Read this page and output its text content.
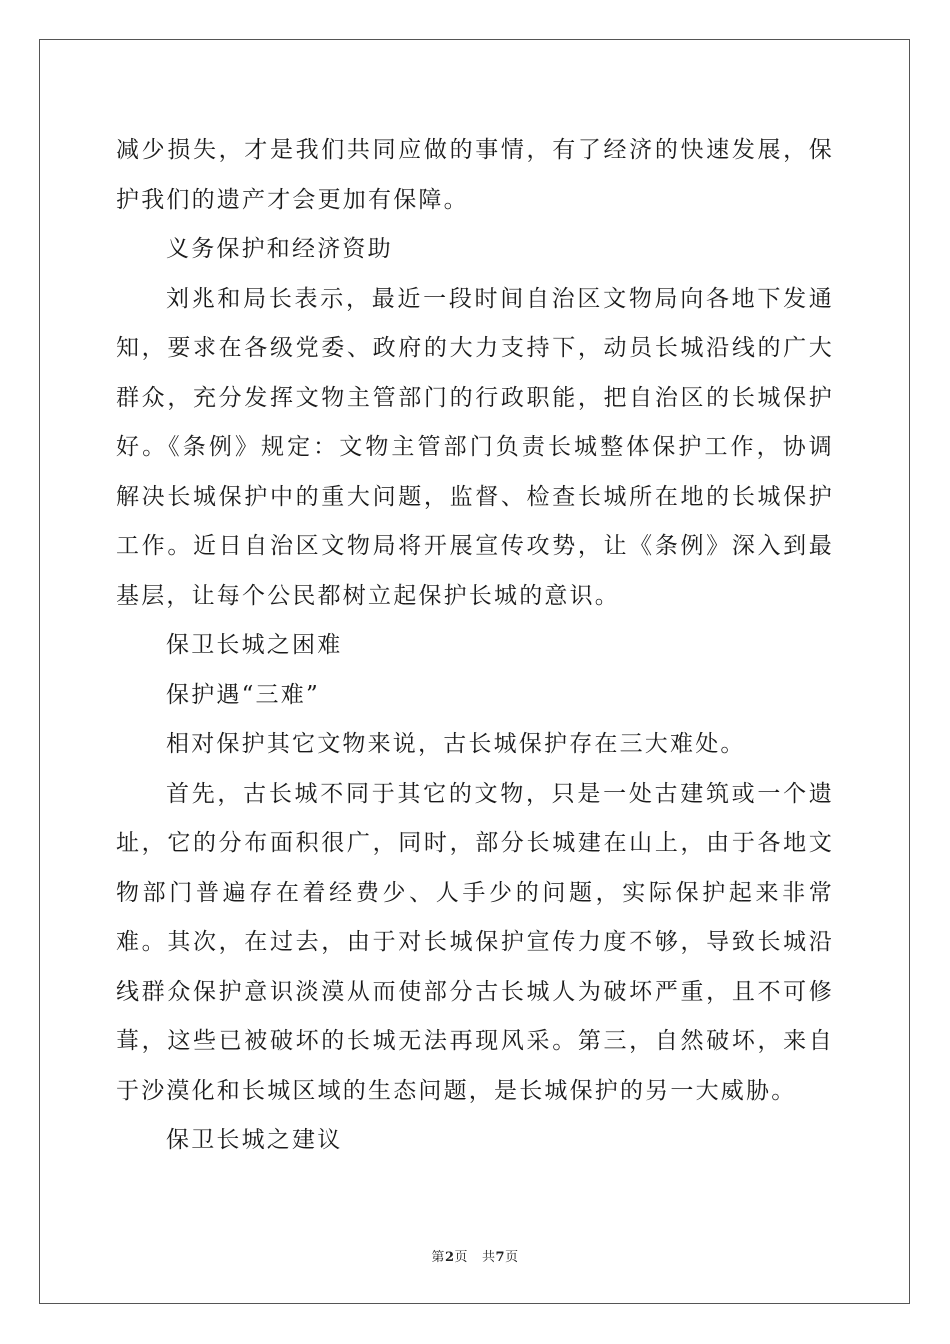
减少损失，才是我们共同应做的事情，有了经济的快速发展，保护我们的遗产才会更加有保障。

义务保护和经济资助

刘兆和局长表示，最近一段时间自治区文物局向各地下发通知，要求在各级党委、政府的大力支持下，动员长城沿线的广大群众，充分发挥文物主管部门的行政职能，把自治区的长城保护好。《条例》规定：文物主管部门负责长城整体保护工作，协调解决长城保护中的重大问题，监督、检查长城所在地的长城保护工作。近日自治区文物局将开展宣传攻势，让《条例》深入到最基层，让每个公民都树立起保护长城的意识。

保卫长城之困难

保护遇“三难”

相对保护其它文物来说，古长城保护存在三大难处。

首先，古长城不同于其它的文物，只是一处古建筑或一个遗址，它的分布面积很广，同时，部分长城建在山上，由于各地文物部门普遍存在着经费少、人手少的问题，实际保护起来非常难。其次，在过去，由于对长城保护宣传力度不够，导致长城沿线群众保护意识淡漠从而使部分古长城人为破坏严重，且不可修葺，这些已被破坏的长城无法再现风采。第三，自然破坏，来自于沙漠化和长城区域的生态问题，是长城保护的另一大威胁。

保卫长城之建议

第2页 共7页
